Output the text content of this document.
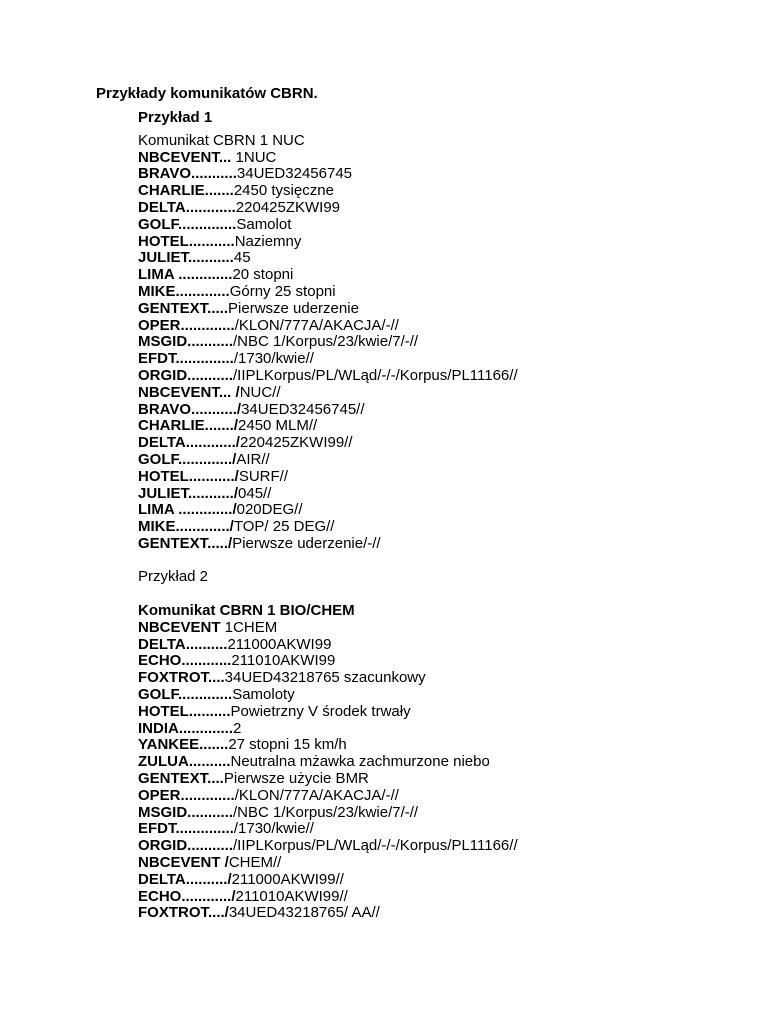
Przykłady komunikatów CBRN.
Przykład 1
Komunikat CBRN 1 NUC
NBCEVENT... 1NUC
BRAVO...........34UED32456745
CHARLIE.......2450 tysięczne
DELTA............220425ZKWI99
GOLF..............Samolot
HOTEL...........Naziemny
JULIET...........45
LIMA .............20 stopni
MIKE.............Górny 25 stopni
GENTEXT.....Pierwsze uderzenie
OPER............./KLON/777A/AKACJA/-//
MSGID.........../NBC 1/Korpus/23/kwie/7/-//
EFDT............../1730/kwie//
ORGID.........../IIPLKorpus/PL/WLąd/-/-/Korpus/PL11166//
NBCEVENT... /NUC//
BRAVO.........../34UED32456745//
CHARLIE......./2450 MLM//
DELTA............/220425ZKWI99//
GOLF............./AIR//
HOTEL.........../SURF//
JULIET.........../045//
LIMA ............./020DEG//
MIKE............./TOP/ 25 DEG//
GENTEXT...../Pierwsze uderzenie/-//
Przykład 2
Komunikat CBRN 1 BIO/CHEM
NBCEVENT 1CHEM
DELTA..........211000AKWI99
ECHO............211010AKWI99
FOXTROT....34UED43218765 szacunkowy
GOLF.............Samoloty
HOTEL..........Powietrzny V środek trwały
INDIA.............2
YANKEE.......27 stopni 15 km/h
ZULUA..........Neutralna mżawka zachmurzone niebo
GENTEXT....Pierwsze użycie BMR
OPER............./KLON/777A/AKACJA/-//
MSGID.........../NBC 1/Korpus/23/kwie/7/-//
EFDT............../1730/kwie//
ORGID.........../IIPLKorpus/PL/WLąd/-/-/Korpus/PL11166//
NBCEVENT /CHEM//
DELTA........../211000AKWI99//
ECHO............/211010AKWI99//
FOXTROT..../34UED43218765/ AA//
